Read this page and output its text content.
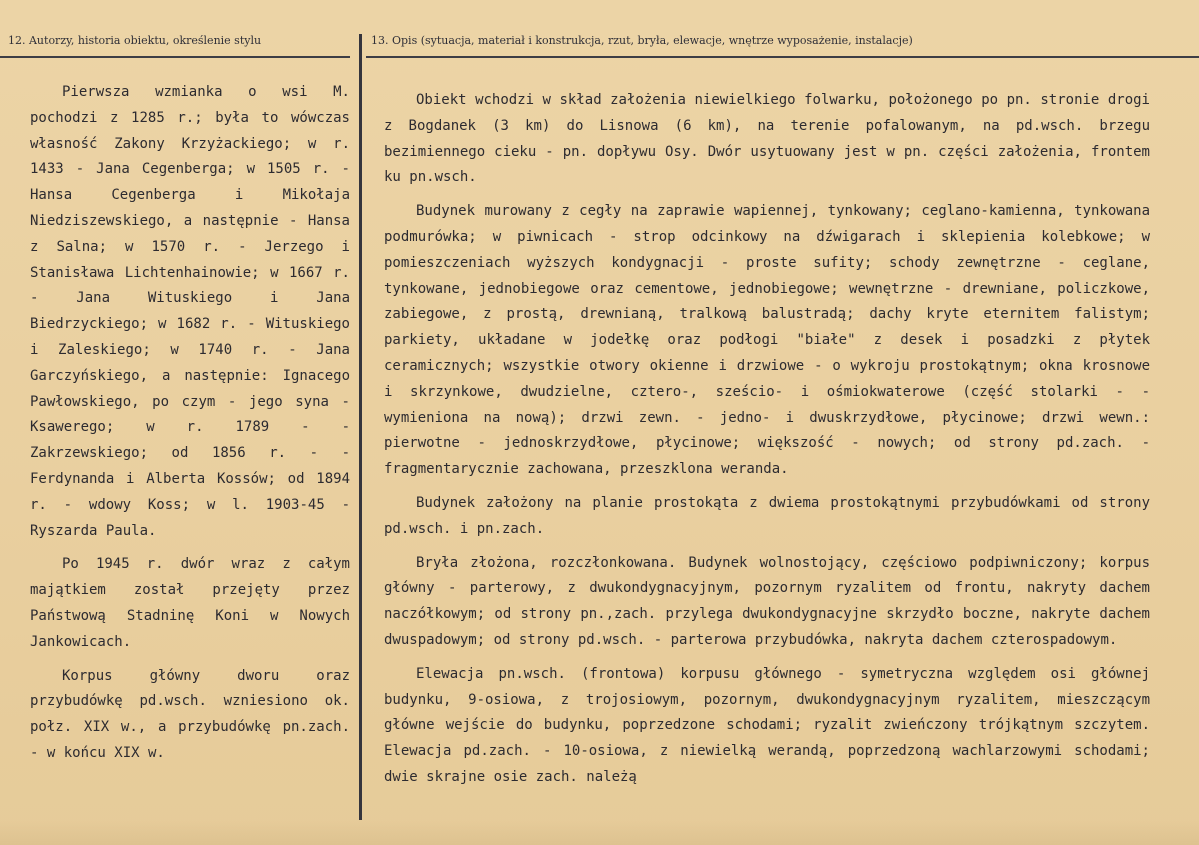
12. Autorzy, historia obiektu, określenie stylu	13. Opis (sytuacja, materiał i konstrukcja, rzut, bryła, elewacje, wnętrze wyposażenie, instalacje)

Pierwsza wzmianka o wsi M. pochodzi z 1285 r.; była to wówczas własność Zakony Krzyżackiego; w r. 1433 - Jana Cegenberga; w 1505 r. - Hansa Cegenberga i Mikołaja Niedziszewskiego, a następnie - Hansa z Salna; w 1570 r. - Jerzego i Stanisława Lichtenhainowie; w 1667 r. - Jana Wituskiego i Jana Biedrzyckiego; w 1682 r. - Wituskiego i Zaleskiego; w 1740 r. - Jana Garczyńskiego, a następnie: Ignacego Pawłowskiego, po czym - jego syna - Ksawerego; w r. 1789 - - Zakrzewskiego; od 1856 r. - - Ferdynanda i Alberta Kossów; od 1894 r. - wdowy Koss; w l. 1903-45 - Ryszarda Paula.

Po 1945 r. dwór wraz z całym majątkiem został przejęty przez Państwową Stadninę Koni w Nowych Jankowicach.

Korpus główny dworu oraz przybudówkę pd.wsch. wzniesiono ok. połz. XIX w., a przybudówkę pn.zach. - w końcu XIX w.

Obiekt wchodzi w skład założenia niewielkiego folwarku, położonego po pn. stronie drogi z Bogdanek (3 km) do Lisnowa (6 km), na terenie pofalowanym, na pd.wsch. brzegu bezimiennego cieku - pn. dopływu Osy. Dwór usytuowany jest w pn. części założenia, frontem ku pn.wsch.

Budynek murowany z cegły na zaprawie wapiennej, tynkowany; ceglano-kamienna, tynkowana podmurówka; w piwnicach - strop odcinkowy na dźwigarach i sklepienia kolebkowe; w pomieszczeniach wyższych kondygnacji - proste sufity; schody zewnętrzne - ceglane, tynkowane, jednobiegowe oraz cementowe, jednobiegowe; wewnętrzne - drewniane, policzkowe, zabiegowe, z prostą, drewnianą, tralkową balustradą; dachy kryte eternitem falistym; parkiety, układane w jodełkę oraz podłogi "białe" z desek i posadzki z płytek ceramicznych; wszystkie otwory okienne i drzwiowe - o wykroju prostokątnym; okna krosnowe i skrzynkowe, dwudzielne, cztero-, sześcio- i ośmiokwaterowe (część stolarki - - wymieniona na nową); drzwi zewn. - jedno- i dwuskrzydłowe, płycinowe; drzwi wewn.: pierwotne - jednoskrzydłowe, płycinowe; większość - nowych; od strony pd.zach. - fragmentarycznie zachowana, przeszklona weranda.

Budynek założony na planie prostokąta z dwiema prostokątnymi przybudówkami od strony pd.wsch. i pn.zach.

Bryła złożona, rozczłonkowana. Budynek wolnostojący, częściowo podpiwniczony; korpus główny - parterowy, z dwukondygnacyjnym, pozornym ryzalitem od frontu, nakryty dachem naczółkowym; od strony pn.,zach. przylega dwukondygnacyjne skrzydło boczne, nakryte dachem dwuspadowym; od strony pd.wsch. - parterowa przybudówka, nakryta dachem czterospadowym.

Elewacja pn.wsch. (frontowa) korpusu głównego - symetryczna względem osi głównej budynku, 9-osiowa, z trojosiowym, pozornym, dwukondygnacyjnym ryzalitem, mieszczącym główne wejście do budynku, poprzedzone schodami; ryzalit zwieńczony trójkątnym szczytem. Elewacja pd.zach. - 10-osiowa, z niewielką werandą, poprzedzoną wachlarzowymi schodami; dwie skrajne osie zach. należą
